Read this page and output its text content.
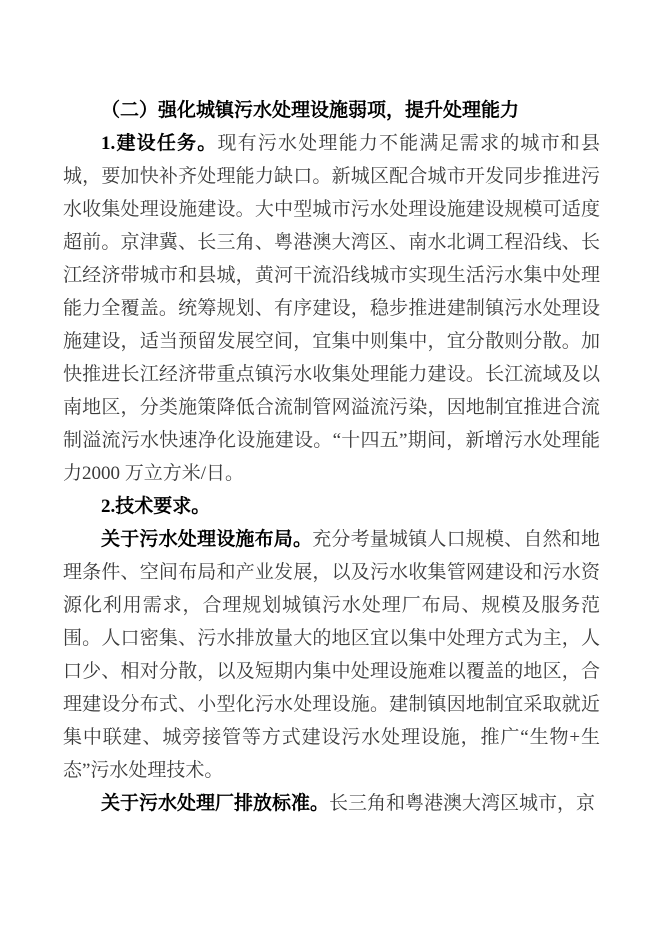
（二）强化城镇污水处理设施弱项，提升处理能力

1.建设任务。现有污水处理能力不能满足需求的城市和县城，要加快补齐处理能力缺口。新城区配合城市开发同步推进污水收集处理设施建设。大中型城市污水处理设施建设规模可适度超前。京津冀、长三角、粤港澳大湾区、南水北调工程沿线、长江经济带城市和县城，黄河干流沿线城市实现生活污水集中处理能力全覆盖。统筹规划、有序建设，稳步推进建制镇污水处理设施建设，适当预留发展空间，宜集中则集中，宜分散则分散。加快推进长江经济带重点镇污水收集处理能力建设。长江流域及以南地区，分类施策降低合流制管网溢流污染，因地制宜推进合流制溢流污水快速净化设施建设。“十四五”期间，新增污水处理能力2000 万立方米/日。

2.技术要求。

关于污水处理设施布局。充分考量城镇人口规模、自然和地理条件、空间布局和产业发展，以及污水收集管网建设和污水资源化利用需求，合理规划城镇污水处理厂布局、规模及服务范围。人口密集、污水排放量大的地区宜以集中处理方式为主，人口少、相对分散，以及短期内集中处理设施难以覆盖的地区，合理建设分布式、小型化污水处理设施。建制镇因地制宜采取就近集中联建、城旁接管等方式建设污水处理设施，推广“生物+生态”污水处理技术。

关于污水处理厂排放标准。长三角和粤港澳大湾区城市，京
